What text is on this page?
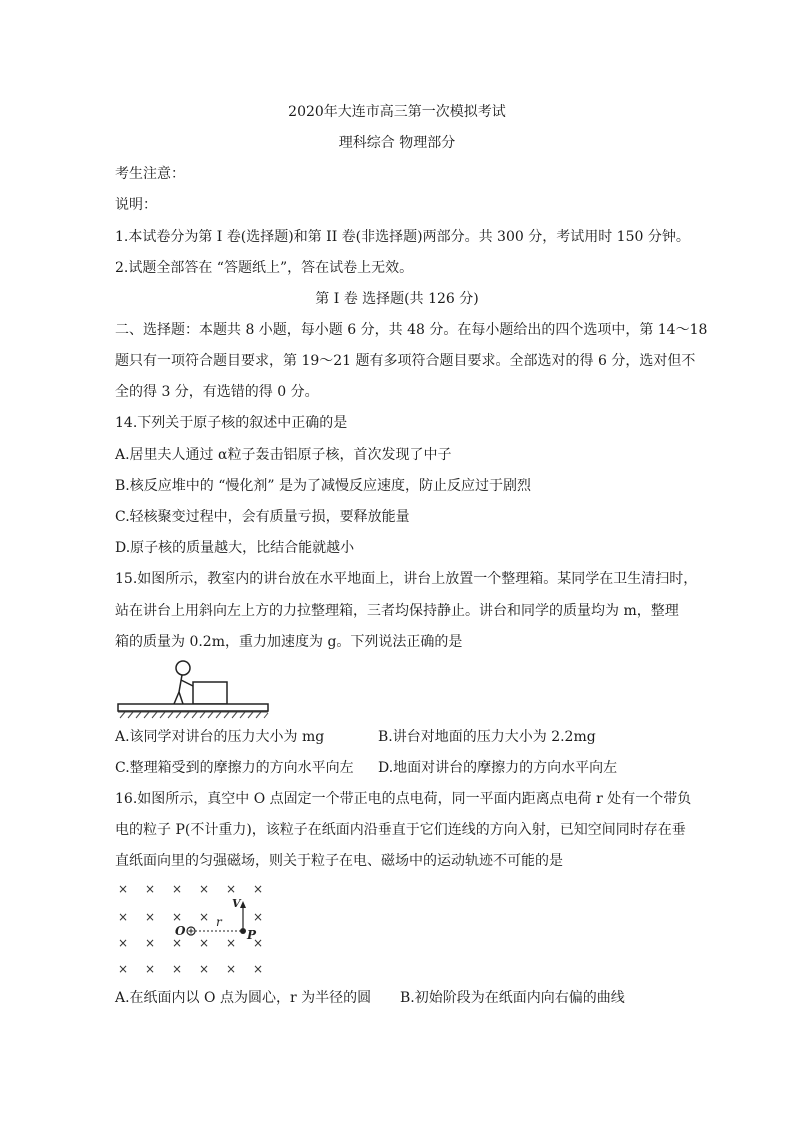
2020年大连市高三第一次模拟考试
理科综合 物理部分
考生注意：
说明：
1.本试卷分为第 I 卷(选择题)和第 II 卷(非选择题)两部分。共 300 分，考试用时 150 分钟。
2.试题全部答在 “答题纸上”，答在试卷上无效。
第 I 卷 选择题(共 126 分)
二、选择题：本题共 8 小题，每小题 6 分，共 48 分。在每小题给出的四个选项中，第 14～18
题只有一项符合题目要求，第 19～21 题有多项符合题目要求。全部选对的得 6 分，选对但不
全的得 3 分，有选错的得 0 分。
14.下列关于原子核的叙述中正确的是
A.居里夫人通过 α粒子轰击铝原子核，首次发现了中子
B.核反应堆中的 “慢化剂” 是为了减慢反应速度，防止反应过于剧烈
C.轻核聚变过程中，会有质量亏损，要释放能量
D.原子核的质量越大，比结合能就越小
15.如图所示，教室内的讲台放在水平地面上，讲台上放置一个整理箱。某同学在卫生清扫时，
站在讲台上用斜向左上方的力拉整理箱，三者均保持静止。讲台和同学的质量均为 m，整理
箱的质量为 0.2m，重力加速度为 g。下列说法正确的是
A.该同学对讲台的压力大小为 mg	B.讲台对地面的压力大小为 2.2mg
C.整理箱受到的摩擦力的方向水平向左 D.地面对讲台的摩擦力的方向水平向左
16.如图所示，真空中 O 点固定一个带正电的点电荷，同一平面内距离点电荷 r 处有一个带负
电的粒子 P(不计重力)，该粒子在纸面内沿垂直于它们连线的方向入射，已知空间同时存在垂
直纸面向里的匀强磁场，则关于粒子在电、磁场中的运动轨迹不可能的是
× × × × × ×
× × × ×	×
× × × × × ×
× × × × × ×
O
r
V
P
A.在纸面内以 O 点为圆心，r 为半径的圆 B.初始阶段为在纸面内向右偏的曲线
